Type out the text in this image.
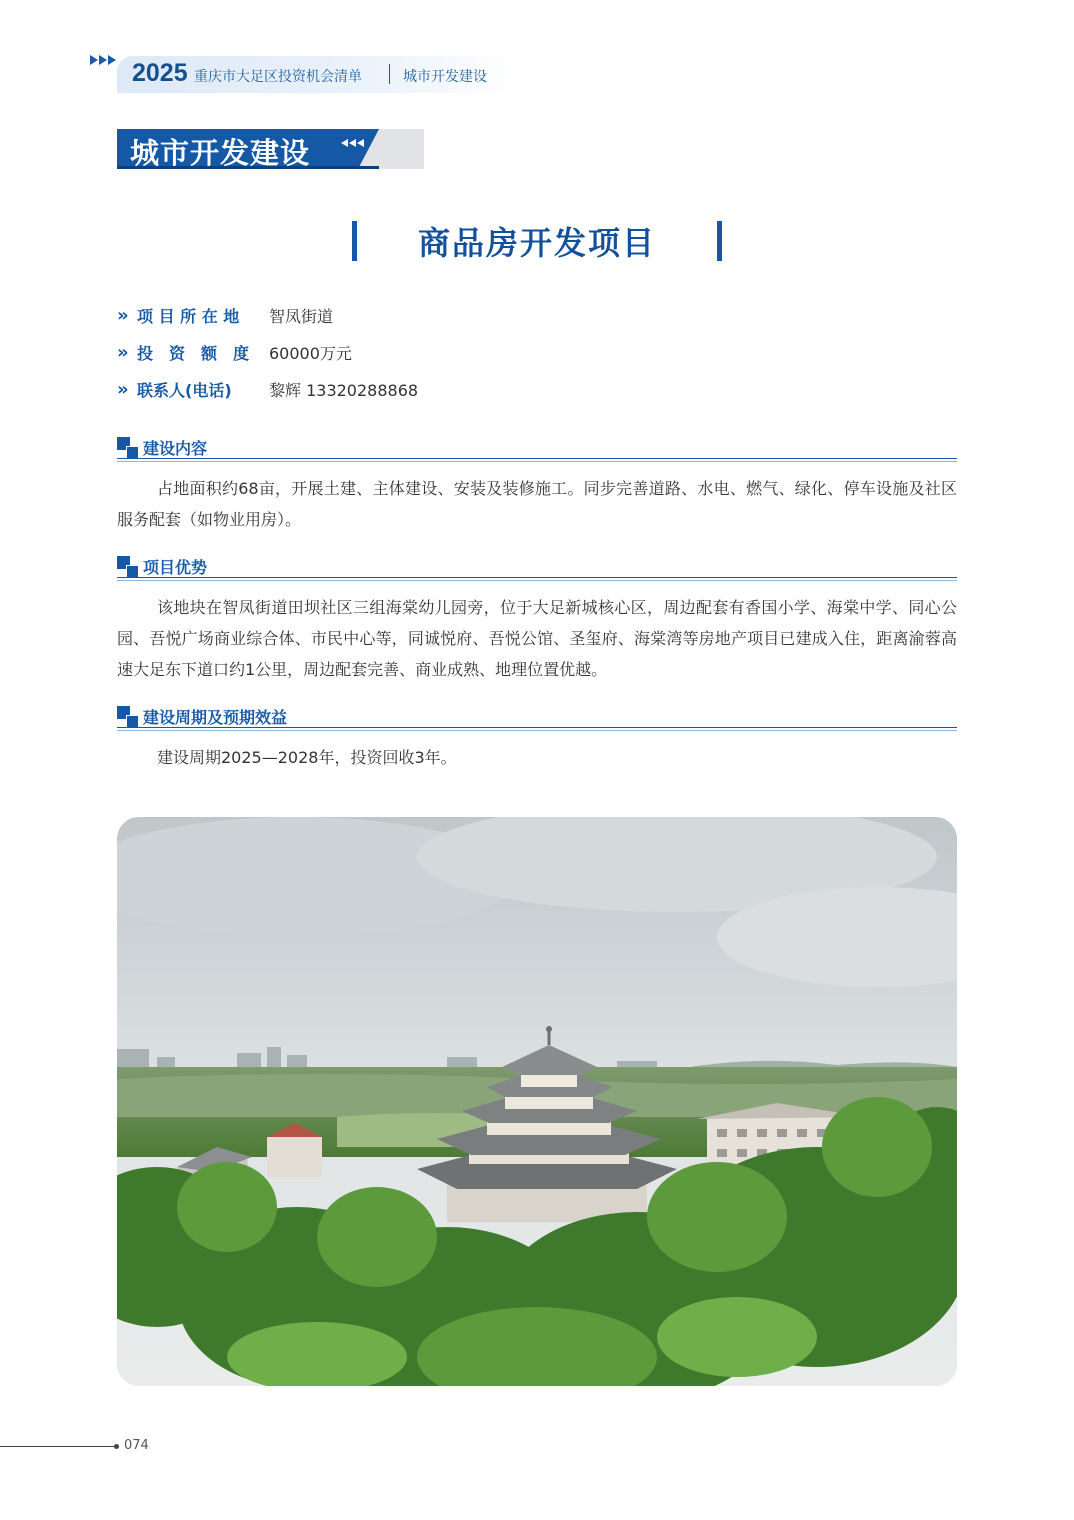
2025 重庆市大足区投资机会清单	城市开发建设
城市开发建设
商品房开发项目
» 项 目 所 在 地	智凤街道
» 投　资　额　度	60000万元
» 联系人(电话)	黎辉 13320288868
建设内容

占地面积约68亩，开展土建、主体建设、安装及装修施工。同步完善道路、水电、燃气、绿化、停车设施及社区服务配套（如物业用房）。

项目优势

该地块在智凤街道田坝社区三组海棠幼儿园旁，位于大足新城核心区，周边配套有香国小学、海棠中学、同心公园、吾悦广场商业综合体、市民中心等，同诚悦府、吾悦公馆、圣玺府、海棠湾等房地产项目已建成入住，距离渝蓉高速大足东下道口约1公里，周边配套完善、商业成熟、地理位置优越。

建设周期及预期效益

建设周期2025—2028年，投资回收3年。

074
